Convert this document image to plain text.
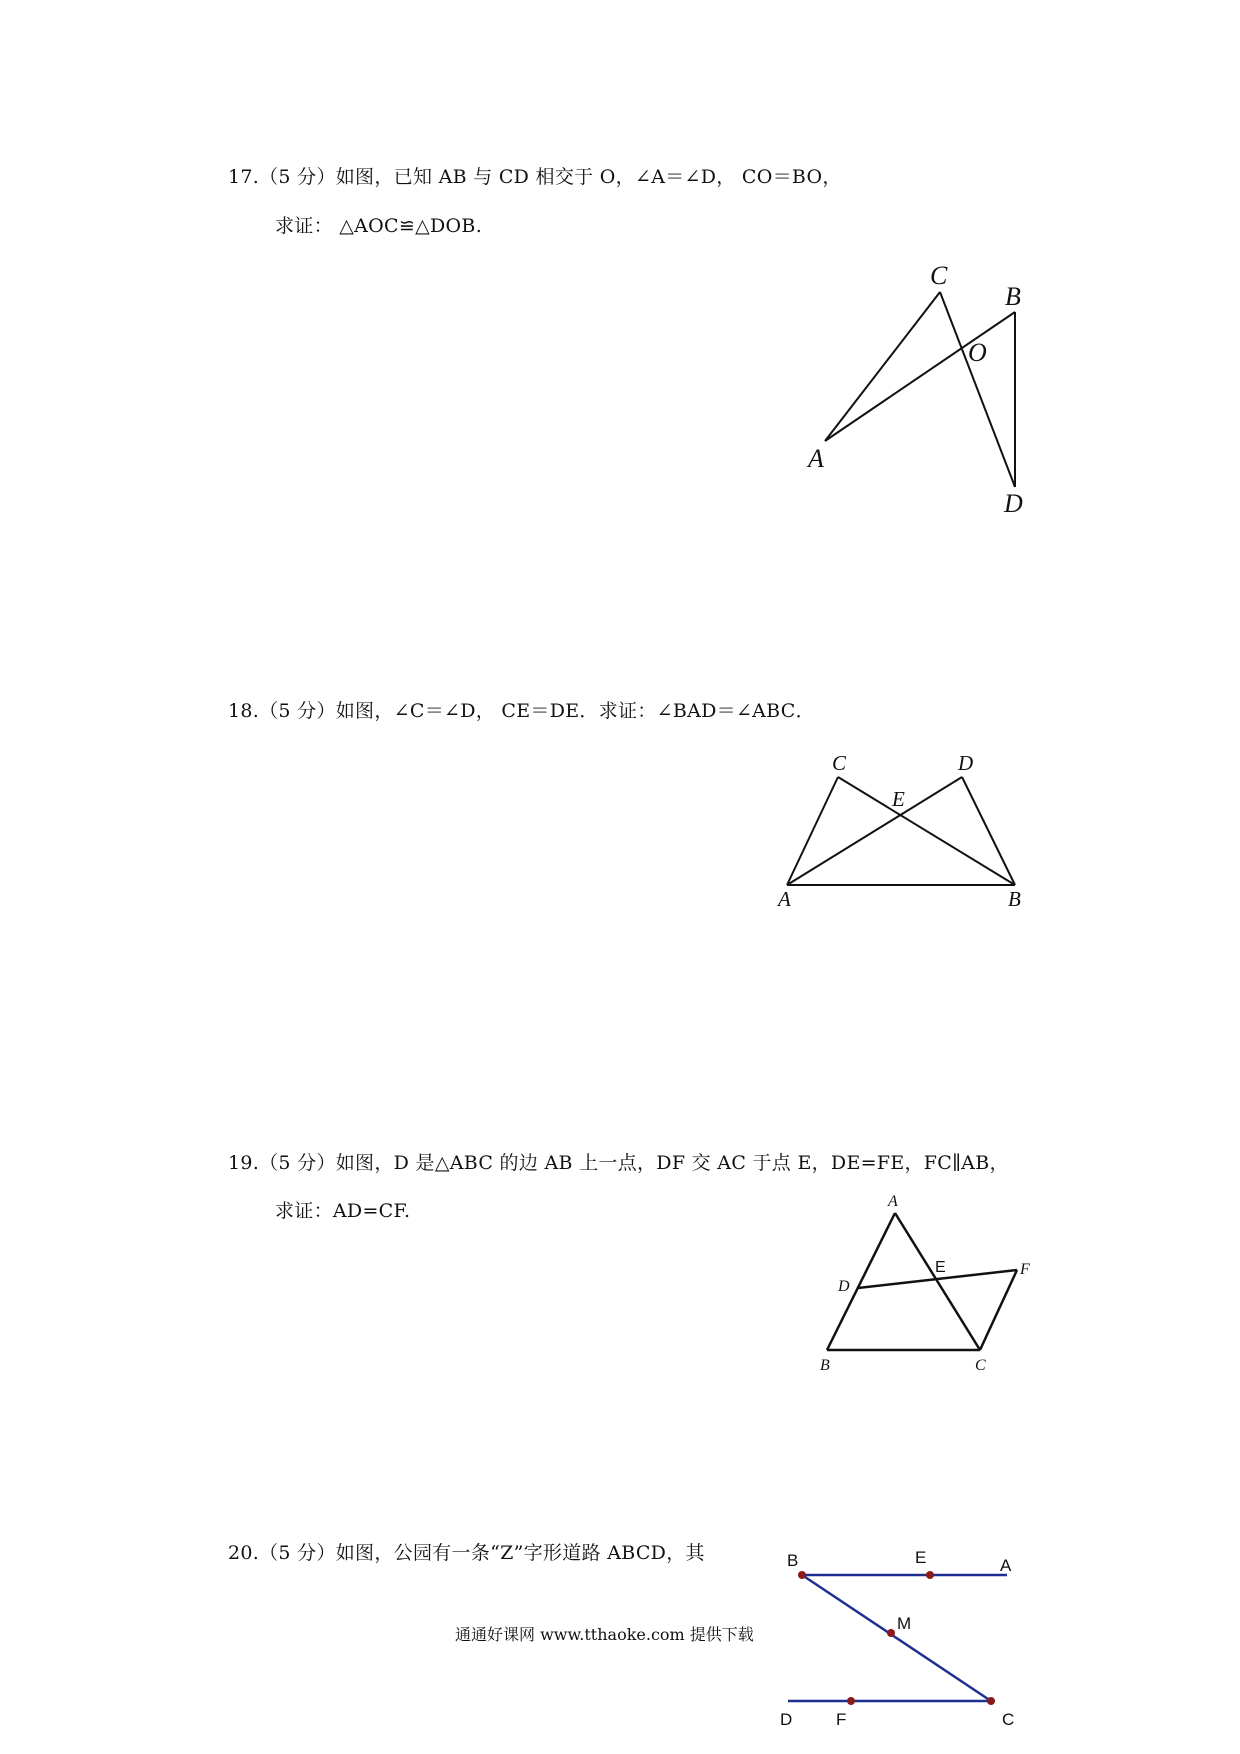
17.（5 分）如图，已知 AB 与 CD 相交于 O，∠A＝∠D， CO＝BO，
求证： △AOC≌△DOB.
C
B
O
A
D
18.（5 分）如图，∠C＝∠D， CE＝DE．求证：∠BAD＝∠ABC．
C	D
E
A	B
19.（5 分）如图，D 是△ABC 的边 AB 上一点，DF 交 AC 于点 E，DE=FE，FC∥AB，
求证：AD=CF.	A
E	F
D
B	C
20.（5 分）如图，公园有一条“Z”字形道路 ABCD，其	B	E	A
M
D	F	C
通通好课网 www.tthaoke.com 提供下载
